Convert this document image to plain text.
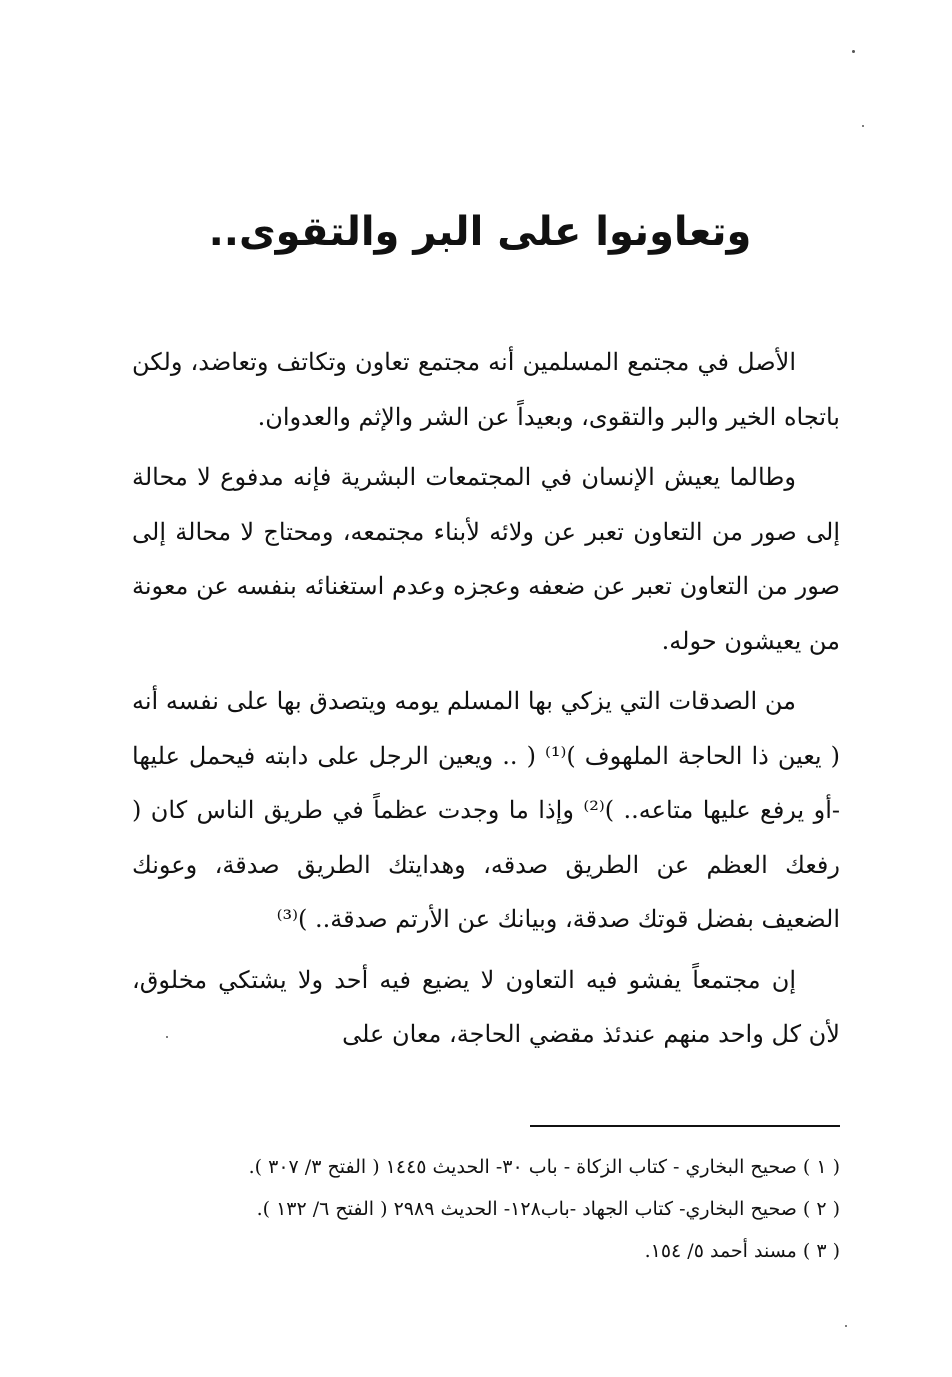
وتعاونوا على البر والتقوى..

الأصل في مجتمع المسلمين أنه مجتمع تعاون وتكاتف وتعاضد، ولكن باتجاه الخير والبر والتقوى، وبعيداً عن الشر والإثم والعدوان.

وطالما يعيش الإنسان في المجتمعات البشرية فإنه مدفوع لا محالة إلى صور من التعاون تعبر عن ولائه لأبناء مجتمعه، ومحتاج لا محالة إلى صور من التعاون تعبر عن ضعفه وعجزه وعدم استغنائه بنفسه عن معونة من يعيشون حوله.

من الصدقات التي يزكي بها المسلم يومه ويتصدق بها على نفسه أنه ( يعين ذا الحاجة الملهوف )⁽¹⁾ ( .. ويعين الرجل على دابته فيحمل عليها -أو يرفع عليها متاعه.. )⁽²⁾ وإذا ما وجدت عظماً في طريق الناس كان ( رفعك العظم عن الطريق صدقه، وهدايتك الطريق صدقة، وعونك الضعيف بفضل قوتك صدقة، وبيانك عن الأرتم صدقة.. )⁽³⁾

إن مجتمعاً يفشو فيه التعاون لا يضيع فيه أحد ولا يشتكي مخلوق، لأن كل واحد منهم عندئذ مقضي الحاجة، معان على

( ١ ) صحيح البخاري - كتاب الزكاة - باب ٣٠- الحديث ١٤٤٥ ( الفتح ٣/ ٣٠٧ ).
( ٢ ) صحيح البخاري- كتاب الجهاد -باب١٢٨- الحديث ٢٩٨٩ ( الفتح ٦/ ١٣٢ ).
( ٣ ) مسند أحمد ٥/ ١٥٤.
